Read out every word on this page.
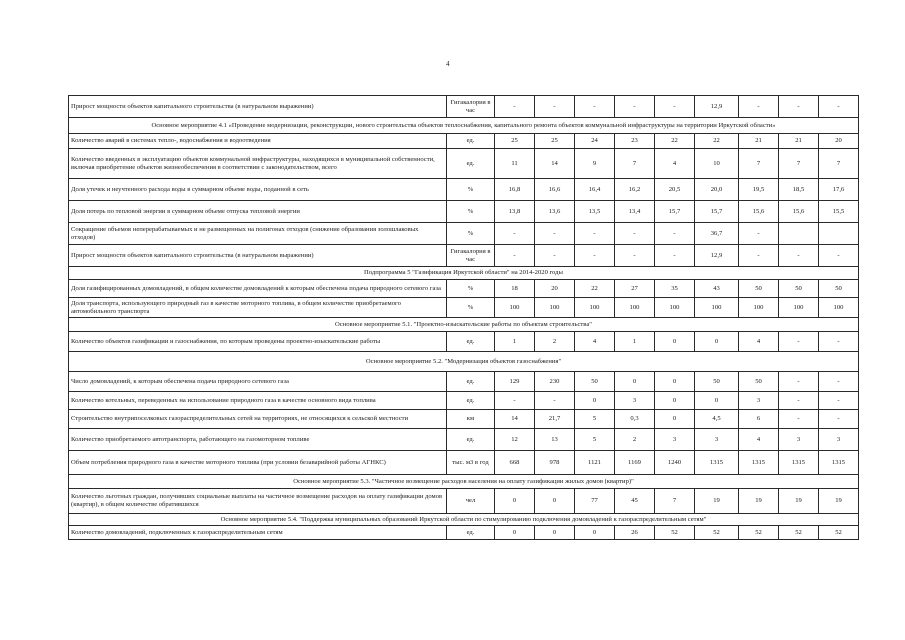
4
Прирост мощности объектов капитального строительства (в натуральном выражении)	Гигакалория в час	-	-	-	-	-	12,9	-	-	-
Основное мероприятие 4.1 «Проведение модернизации, реконструкции, нового строительства объектов теплоснабжения, капитального ремонта объектов коммунальной инфраструктуры на территории Иркутской области»										
Количество аварий в системах тепло-, водоснабжения и водоотведения	ед.	25	25	24	23	22	22	21	21	20
Количество введенных в эксплуатацию объектов коммунальной инфраструктуры, находящихся в муниципальной собственности, включая приобретение объектов жизнеобеспечения в соответствии с законодательством, всего	ед.	11	14	9	7	4	10	7	7	7
Доля утечек и неучтенного расхода воды в суммарном объеме воды, поданной в сеть	%	16,8	16,6	16,4	16,2	20,5	20,0	19,5	18,5	17,6
Доля потерь по тепловой энергии в суммарном объеме отпуска тепловой энергии	%	13,8	13,6	13,5	13,4	15,7	15,7	15,6	15,6	15,5
Сокращение объемов неперерабатываемых и не размещенных на полигонах отходов (снижение образования золошлаковых отходов)	%	-	-	-	-	-	36,7	-		
Прирост мощности объектов капитального строительства (в натуральном выражении)	Гигакалория в час	-	-	-	-	-	12,9	-	-	-
Подпрограмма 5 "Газификация Иркутской области" на 2014-2020 годы										
Доля газифицированных домовладений, в общем количестве домовладений к которым обеспечена подача природного сетевого газа	%	18	20	22	27	35	43	50	50	50
Доля транспорта, использующего природный газ в качестве моторного топлива, в общем количестве приобретаемого автомобильного транспорта	%	100	100	100	100	100	100	100	100	100
Основное мероприятие 5.1. "Проектно-изыскательские работы по объектам строительства"										
Количество объектов газификации и газоснабжения, по которым проведены проектно-изыскательские работы	ед.	1	2	4	1	0	0	4	-	-
Основное мероприятие 5.2. "Модернизация объектов газоснабжения"										
Число домовладений, к которым обеспечена подача природного сетевого газа	ед.	129	230	50	0	0	50	50	-	-
Количество котельных, переведенных на использование природного газа в качестве основного вида топлива	ед.	-	-	0	3	0	0	3	-	-
Строительство внутрипоселковых газораспределительных сетей на территориях, не относящихся к сельской местности	км	14	21,7	5	0,3	0	4,5	6	-	-
Количество приобретаемого автотранспорта, работающего на газомоторном топливе	ед.	12	13	5	2	3	3	4	3	3
Объем потребления природного газа в качестве моторного топлива (при условии безаварийной работы АГНКС)	тыс. м3 в год	668	978	1121	1169	1240	1315	1315	1315	1315
Основное мероприятие 5.3. "Частичное возмещение расходов населения на оплату газификации жилых домов (квартир)"										
Количество льготных граждан, получивших социальные выплаты на частичное возмещение расходов на оплату газификации домов (квартир), в общем количестве обратившихся	чел	0	0	77	45	7	19	19	19	19
Основное мероприятие 5.4. "Поддержка муниципальных образований Иркутской области по стимулированию подключения домовладений к газораспределительным сетям"										
Количество домовладений, подключенных к газораспределительным сетям	ед.	0	0	0	26	52	52	52	52	52
